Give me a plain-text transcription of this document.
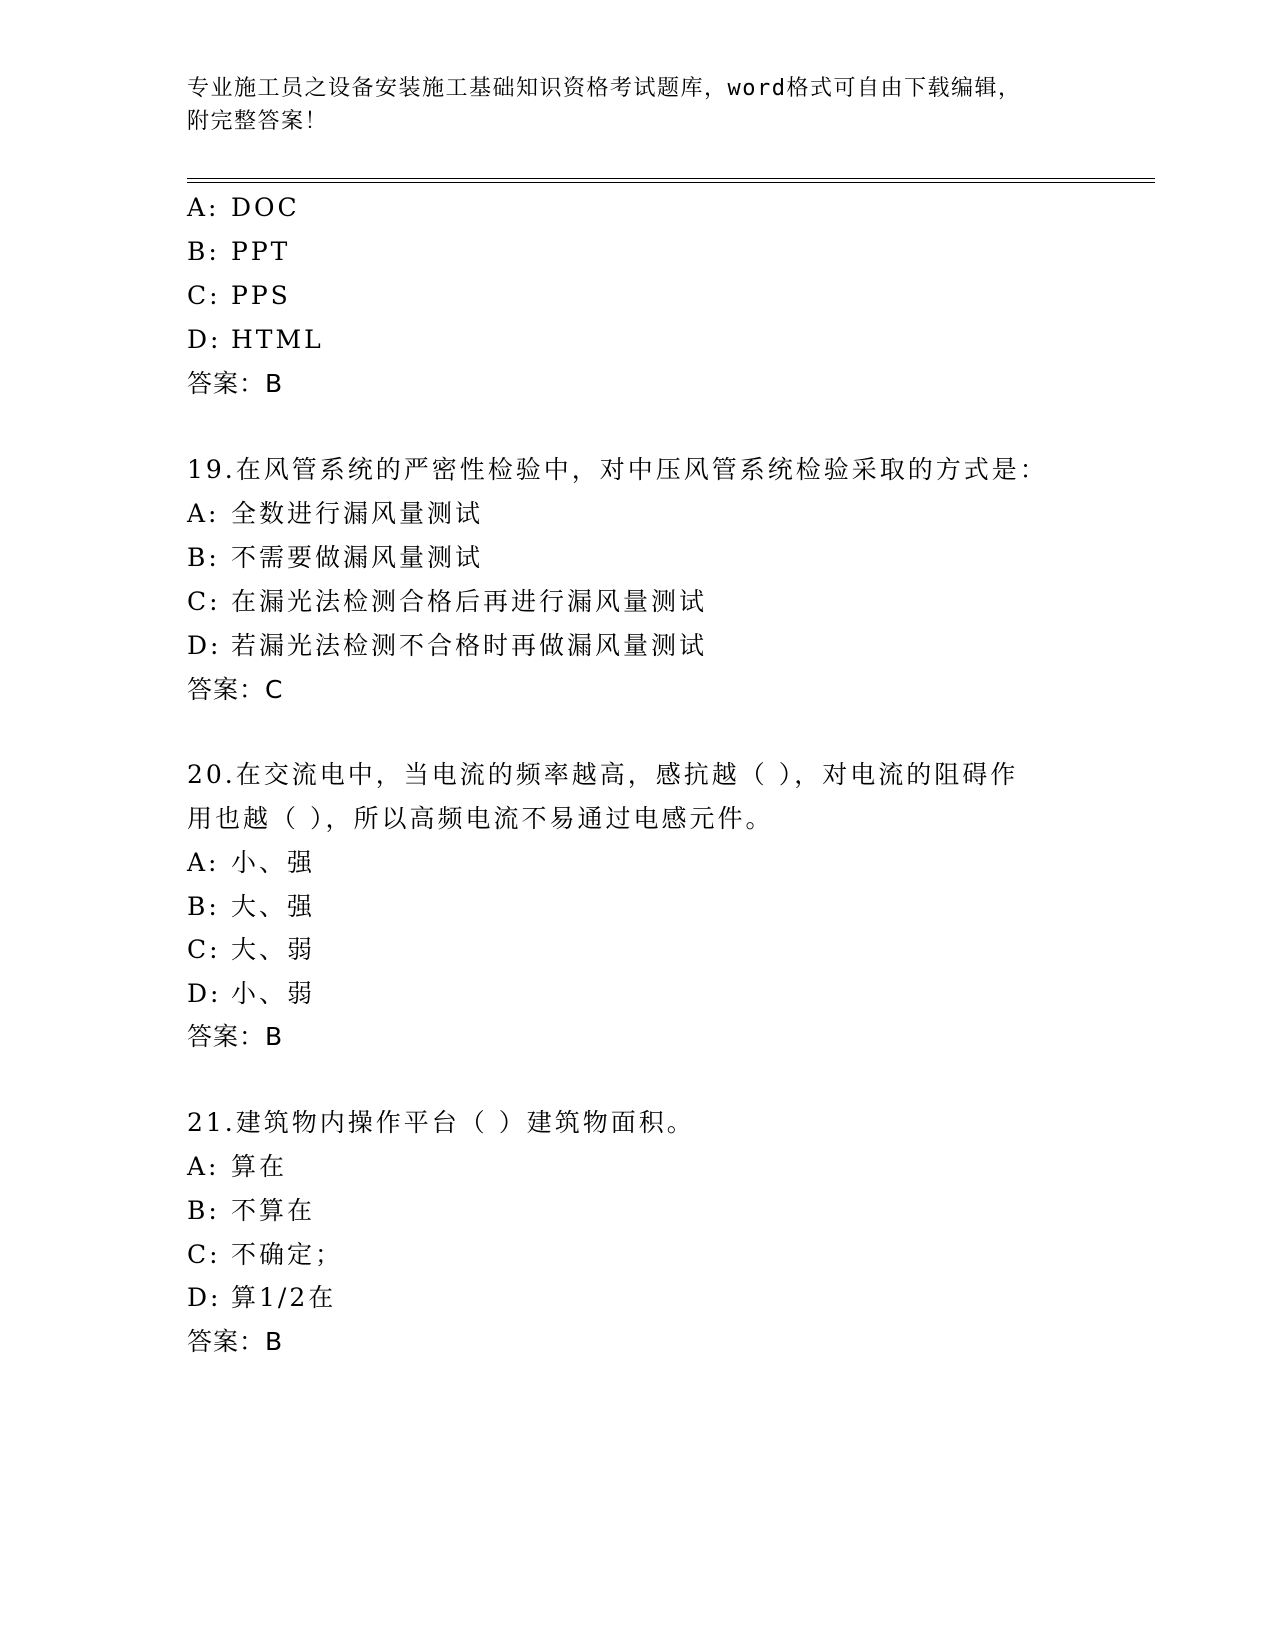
专业施工员之设备安装施工基础知识资格考试题库，word格式可自由下载编辑，
附完整答案！
A: DOC
B: PPT
C: PPS
D: HTML
答案：B
19.在风管系统的严密性检验中，对中压风管系统检验采取的方式是：
A: 全数进行漏风量测试
B: 不需要做漏风量测试
C: 在漏光法检测合格后再进行漏风量测试
D: 若漏光法检测不合格时再做漏风量测试
答案：C
20.在交流电中，当电流的频率越高，感抗越（ ），对电流的阻碍作
用也越（ ），所以高频电流不易通过电感元件。
A: 小、强
B: 大、强
C: 大、弱
D: 小、弱
答案：B
21.建筑物内操作平台（ ）建筑物面积。
A: 算在
B: 不算在
C: 不确定；
D: 算1/2在
答案：B
